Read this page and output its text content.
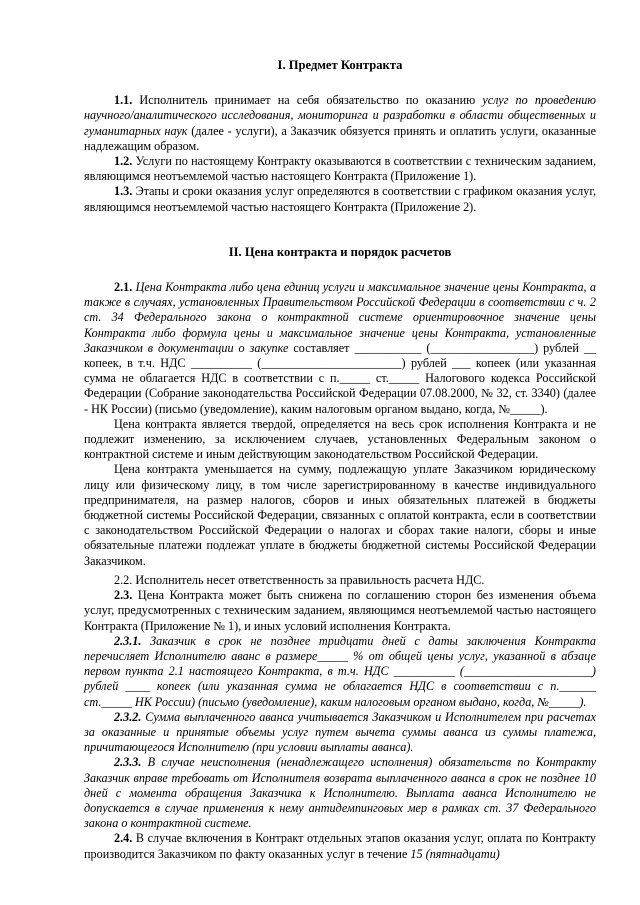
I. Предмет Контракта

1.1. Исполнитель принимает на себя обязательство по оказанию услуг по проведению научного/аналитического исследования, мониторинга и разработки в области общественных и гуманитарных наук (далее - услуги), а Заказчик обязуется принять и оплатить услуги, оказанные надлежащим образом.

1.2. Услуги по настоящему Контракту оказываются в соответствии с техническим заданием, являющимся неотъемлемой частью настоящего Контракта (Приложение 1).

1.3. Этапы и сроки оказания услуг определяются в соответствии с графиком оказания услуг, являющимся неотъемлемой частью настоящего Контракта (Приложение 2).

II. Цена контракта и порядок расчетов

2.1. Цена Контракта либо цена единиц услуги и максимальное значение цены Контракта, а также в случаях, установленных Правительством Российской Федерации в соответствии с ч. 2 ст. 34 Федерального закона о контрактной системе ориентировочное значение цены Контракта либо формула цены и максимальное значение цены Контракта, установленные Заказчиком в документации о закупке составляет ___________ (_________________) рублей __ копеек, в т.ч. НДС __________ (_______________________) рублей ___ копеек (или указанная сумма не облагается НДС в соответствии с п._____ ст._____ Налогового кодекса Российской Федерации (Собрание законодательства Российской Федерации 07.08.2000, № 32, ст. 3340) (далее - НК России) (письмо (уведомление), каким налоговым органом выдано, когда, №_____).

Цена контракта является твердой, определяется на весь срок исполнения Контракта и не подлежит изменению, за исключением случаев, установленных Федеральным законом о контрактной системе и иным действующим законодательством Российской Федерации.

Цена контракта уменьшается на сумму, подлежащую уплате Заказчиком юридическому лицу или физическому лицу, в том числе зарегистрированному в качестве индивидуального предпринимателя, на размер налогов, сборов и иных обязательных платежей в бюджеты бюджетной системы Российской Федерации, связанных с оплатой контракта, если в соответствии с законодательством Российской Федерации о налогах и сборах такие налоги, сборы и иные обязательные платежи подлежат уплате в бюджеты бюджетной системы Российской Федерации Заказчиком.

2.2. Исполнитель несет ответственность за правильность расчета НДС.

2.3. Цена Контракта может быть снижена по соглашению сторон без изменения объема услуг, предусмотренных с техническим заданием, являющимся неотъемлемой частью настоящего Контракта (Приложение № 1), и иных условий исполнения Контракта.

2.3.1. Заказчик в срок не позднее тридцати дней с даты заключения Контракта перечисляет Исполнителю аванс в размере_____ % от общей цены услуг, указанной в абзаце первом пункта 2.1 настоящего Контракта, в т.ч. НДС __________ (_____________________) рублей ____ копеек (или указанная сумма не облагается НДС в соответствии с п.______ ст._____ НК России) (письмо (уведомление), каким налоговым органом выдано, когда, №_____).

2.3.2. Сумма выплаченного аванса учитывается Заказчиком и Исполнителем при расчетах за оказанные и принятые объемы услуг путем вычета суммы аванса из суммы платежа, причитающегося Исполнителю (при условии выплаты аванса).

2.3.3. В случае неисполнения (ненадлежащего исполнения) обязательств по Контракту Заказчик вправе требовать от Исполнителя возврата выплаченного аванса в срок не позднее 10 дней с момента обращения Заказчика к Исполнителю. Выплата аванса Исполнителю не допускается в случае применения к нему антидемпинговых мер в рамках ст. 37 Федерального закона о контрактной системе.

2.4. В случае включения в Контракт отдельных этапов оказания услуг, оплата по Контракту производится Заказчиком по факту оказанных услуг в течение 15 (пятнадцати)
